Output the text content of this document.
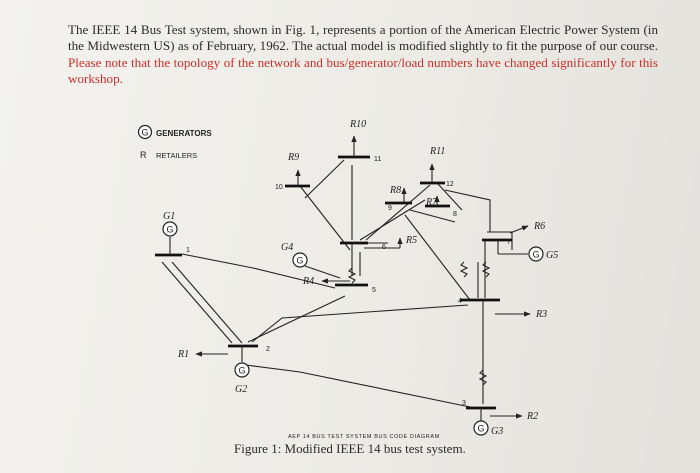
The IEEE 14 Bus Test system, shown in Fig. 1, represents a portion of the American Electric Power System (in the Midwestern US) as of February, 1962. The actual model is modified slightly to fit the purpose of our course. Please note that the topology of the network and bus/generator/load numbers have changed significantly for this workshop.

G GENERATORS
R RETAILERS
1
2
3
4
5
6
7
8
9
10
11
12
G
G1
G
G2
G G3
G
G4
G G5
R1
R2
R3
R4
R5
R6
R7
R8
R9
R10
R11
AEP 14 BUS TEST SYSTEM BUS CODE DIAGRAM
Figure 1: Modified IEEE 14 bus test system.
